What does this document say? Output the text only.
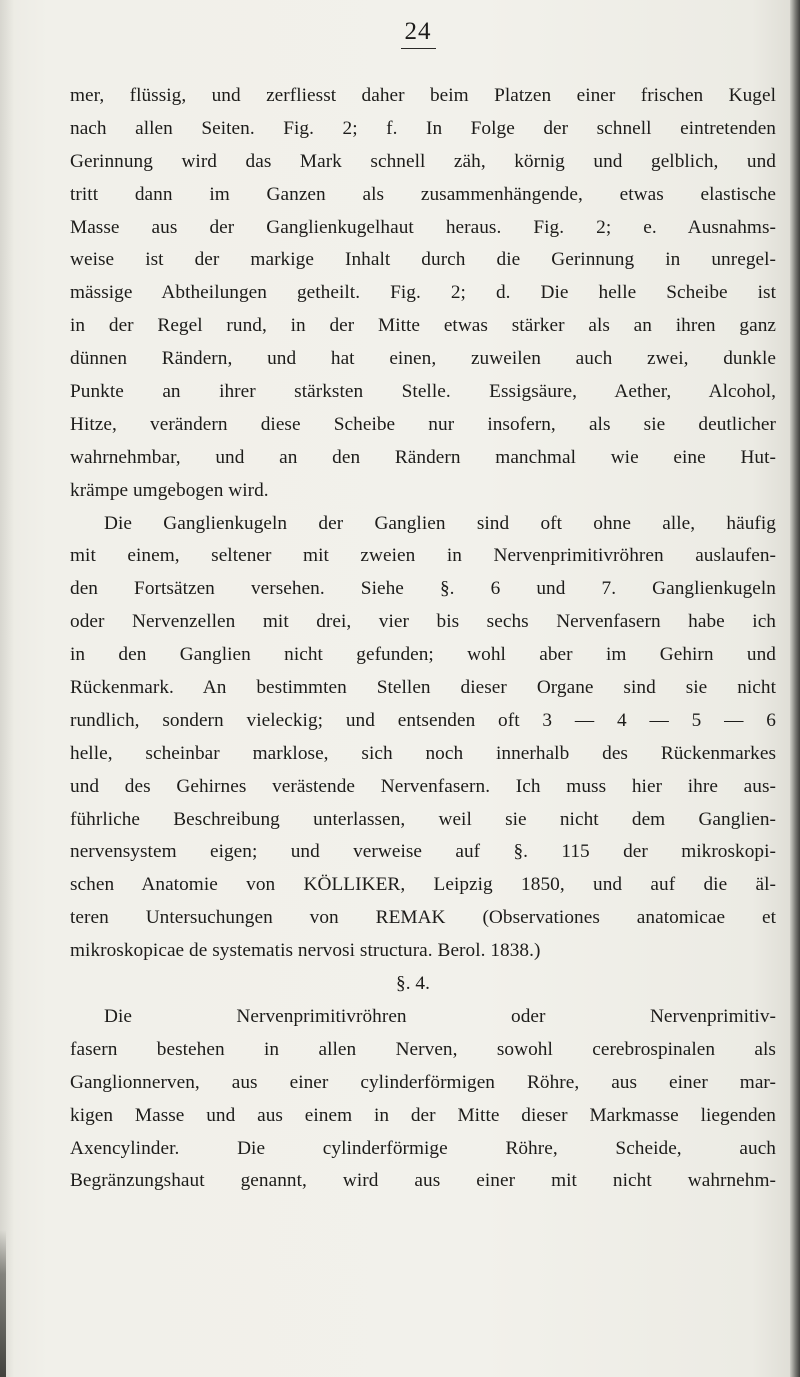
24
mer, flüssig, und zerfliesst daher beim Platzen einer frischen Kugel
nach allen Seiten. Fig. 2; f. In Folge der schnell eintretenden
Gerinnung wird das Mark schnell zäh, körnig und gelblich, und
tritt dann im Ganzen als zusammenhängende, etwas elastische
Masse aus der Ganglienkugelhaut heraus. Fig. 2; e. Ausnahms-
weise ist der markige Inhalt durch die Gerinnung in unregel-
mässige Abtheilungen getheilt. Fig. 2; d. Die helle Scheibe ist
in der Regel rund, in der Mitte etwas stärker als an ihren ganz
dünnen Rändern, und hat einen, zuweilen auch zwei, dunkle
Punkte an ihrer stärksten Stelle. Essigsäure, Aether, Alcohol,
Hitze, verändern diese Scheibe nur insofern, als sie deutlicher
wahrnehmbar, und an den Rändern manchmal wie eine Hut-
krämpe umgebogen wird.
Die Ganglienkugeln der Ganglien sind oft ohne alle, häufig
mit einem, seltener mit zweien in Nervenprimitivröhren auslaufen-
den Fortsätzen versehen. Siehe §. 6 und 7. Ganglienkugeln
oder Nervenzellen mit drei, vier bis sechs Nervenfasern habe ich
in den Ganglien nicht gefunden; wohl aber im Gehirn und
Rückenmark. An bestimmten Stellen dieser Organe sind sie nicht
rundlich, sondern vieleckig; und entsenden oft 3 — 4 — 5 — 6
helle, scheinbar marklose, sich noch innerhalb des Rückenmarkes
und des Gehirnes verästende Nervenfasern. Ich muss hier ihre aus-
führliche Beschreibung unterlassen, weil sie nicht dem Ganglien-
nervensystem eigen; und verweise auf §. 115 der mikroskopi-
schen Anatomie von KÖLLIKER, Leipzig 1850, und auf die äl-
teren Untersuchungen von REMAK (Observationes anatomicae et
mikroskopicae de systematis nervosi structura. Berol. 1838.)
§. 4.
Die Nervenprimitivröhren oder Nervenprimitiv-
fasern bestehen in allen Nerven, sowohl cerebrospinalen als
Ganglionnerven, aus einer cylinderförmigen Röhre, aus einer mar-
kigen Masse und aus einem in der Mitte dieser Markmasse liegenden
Axencylinder. Die cylinderförmige Röhre, Scheide, auch
Begränzungshaut genannt, wird aus einer mit nicht wahrnehm-
